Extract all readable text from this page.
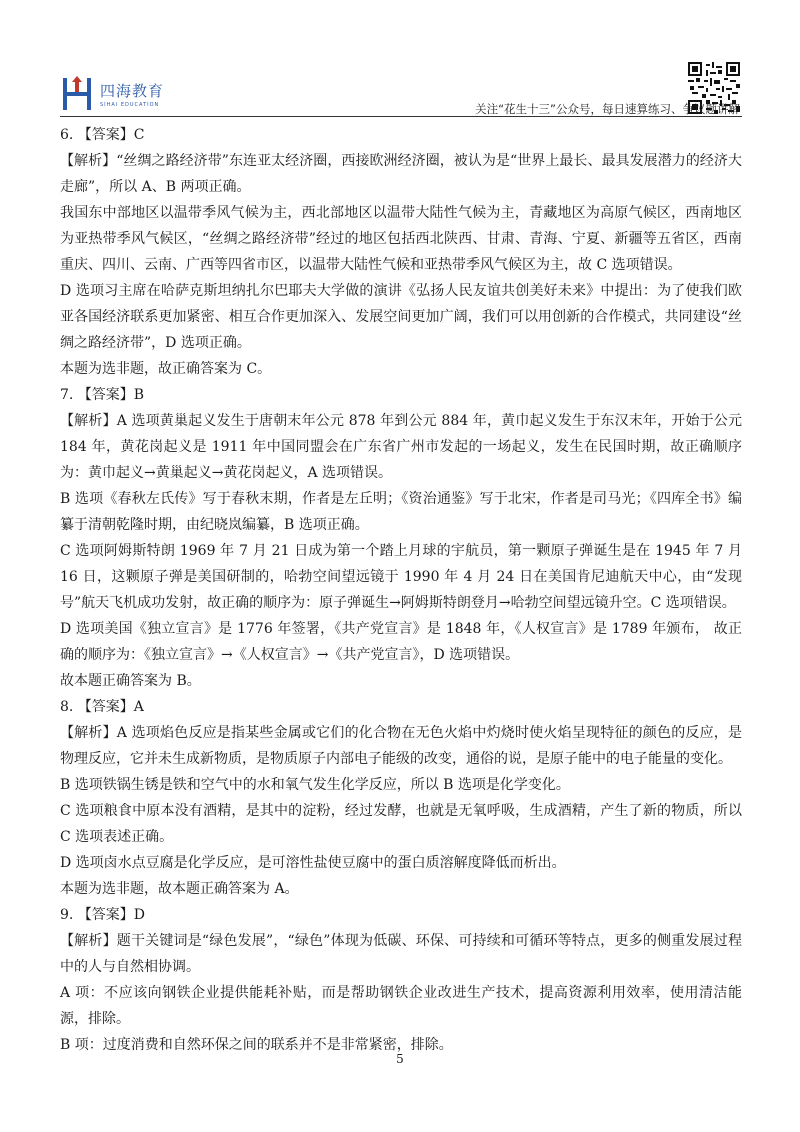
四海教育
SIHAI EDUCATION	关注“花生十三”公众号，每日速算练习、争议题讲解

6. 【答案】C

【解析】“丝绸之路经济带”东连亚太经济圈，西接欧洲经济圈，被认为是“世界上最长、最具发展潜力的经济大走廊”，所以 A、B 两项正确。

我国东中部地区以温带季风气候为主，西北部地区以温带大陆性气候为主，青藏地区为高原气候区，西南地区为亚热带季风气候区，“丝绸之路经济带”经过的地区包括西北陕西、甘肃、青海、宁夏、新疆等五省区，西南重庆、四川、云南、广西等四省市区，以温带大陆性气候和亚热带季风气候区为主，故 C 选项错误。

D 选项习主席在哈萨克斯坦纳扎尔巴耶夫大学做的演讲《弘扬人民友谊共创美好未来》中提出：为了使我们欧亚各国经济联系更加紧密、相互合作更加深入、发展空间更加广阔，我们可以用创新的合作模式，共同建设“丝绸之路经济带”，D 选项正确。

本题为选非题，故正确答案为 C。

7. 【答案】B

【解析】A 选项黄巢起义发生于唐朝末年公元 878 年到公元 884 年，黄巾起义发生于东汉末年，开始于公元 184 年，黄花岗起义是 1911 年中国同盟会在广东省广州市发起的一场起义，发生在民国时期，故正确顺序为：黄巾起义→黄巢起义→黄花岗起义，A 选项错误。

B 选项《春秋左氏传》写于春秋末期，作者是左丘明；《资治通鉴》写于北宋，作者是司马光；《四库全书》编纂于清朝乾隆时期，由纪晓岚编纂，B 选项正确。

C 选项阿姆斯特朗 1969 年 7 月 21 日成为第一个踏上月球的宇航员，第一颗原子弹诞生是在 1945 年 7 月 16 日，这颗原子弹是美国研制的，哈勃空间望远镜于 1990 年 4 月 24 日在美国肯尼迪航天中心，由“发现号”航天飞机成功发射，故正确的顺序为：原子弹诞生→阿姆斯特朗登月→哈勃空间望远镜升空。C 选项错误。

D 选项美国《独立宣言》是 1776 年签署，《共产党宣言》是 1848 年，《人权宣言》是 1789 年颁布， 故正确的顺序为：《独立宣言》→《人权宣言》→《共产党宣言》，D 选项错误。

故本题正确答案为 B。

8. 【答案】A

【解析】A 选项焰色反应是指某些金属或它们的化合物在无色火焰中灼烧时使火焰呈现特征的颜色的反应，是物理反应，它并未生成新物质，是物质原子内部电子能级的改变，通俗的说，是原子能中的电子能量的变化。

B 选项铁锅生锈是铁和空气中的水和氧气发生化学反应，所以 B 选项是化学变化。

C 选项粮食中原本没有酒精，是其中的淀粉，经过发酵，也就是无氧呼吸，生成酒精，产生了新的物质，所以 C 选项表述正确。

D 选项卤水点豆腐是化学反应，是可溶性盐使豆腐中的蛋白质溶解度降低而析出。

本题为选非题，故本题正确答案为 A。

9. 【答案】D

【解析】题干关键词是“绿色发展”，“绿色”体现为低碳、环保、可持续和可循环等特点，更多的侧重发展过程中的人与自然相协调。

A 项：不应该向钢铁企业提供能耗补贴，而是帮助钢铁企业改进生产技术，提高资源利用效率，使用清洁能源，排除。

B 项：过度消费和自然环保之间的联系并不是非常紧密，排除。

5
